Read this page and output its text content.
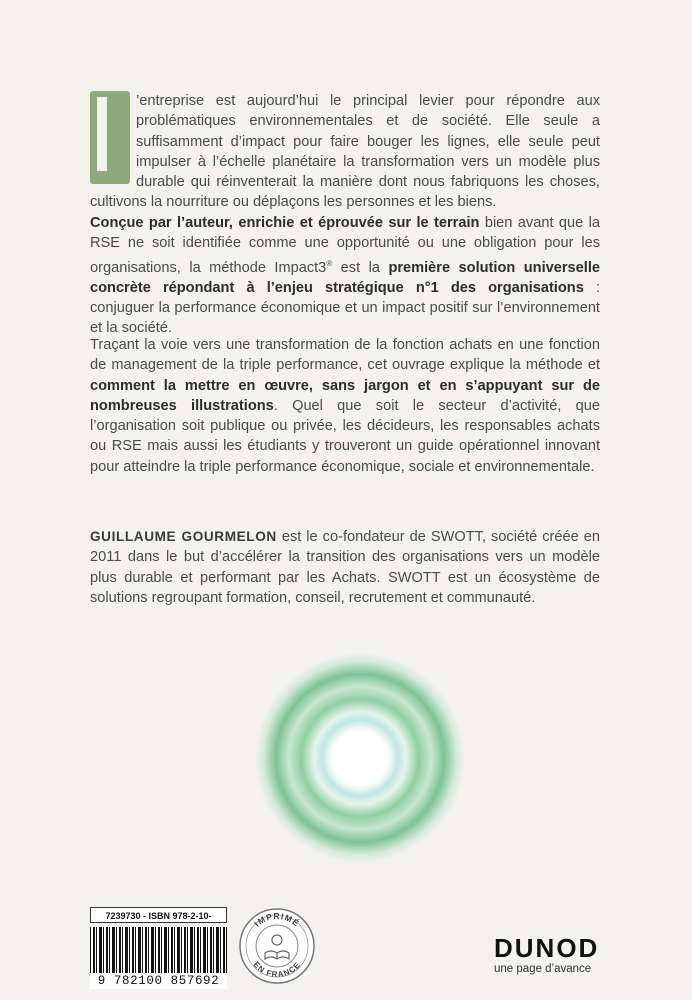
’entreprise est aujourd’hui le principal levier pour répondre aux problématiques environnementales et de société. Elle seule a suffisamment d’impact pour faire bouger les lignes, elle seule peut impulser à l’échelle planétaire la transformation vers un modèle plus durable qui réinventerait la manière dont nous fabriquons les choses, cultivons la nourriture ou déplaçons les personnes et les biens.

Conçue par l’auteur, enrichie et éprouvée sur le terrain bien avant que la RSE ne soit identifiée comme une opportunité ou une obligation pour les organisations, la méthode Impact3® est la première solution universelle concrète répondant à l’enjeu stratégique n°1 des organisations : conjuguer la performance économique et un impact positif sur l’environnement et la société.

Traçant la voie vers une transformation de la fonction achats en une fonction de management de la triple performance, cet ouvrage explique la méthode et comment la mettre en œuvre, sans jargon et en s’appuyant sur de nombreuses illustrations. Quel que soit le secteur d’activité, que l’organisation soit publique ou privée, les décideurs, les responsables achats ou RSE mais aussi les étudiants y trouveront un guide opérationnel innovant pour atteindre la triple performance économique, sociale et environnementale.

GUILLAUME GOURMELON est le co-fondateur de SWOTT, société créée en 2011 dans le but d’accélérer la transition des organisations vers un modèle plus durable et performant par les Achats. SWOTT est un écosystème de solutions regroupant formation, conseil, recrutement et communauté.

7239730 - ISBN 978-2-10-
9 782100 857692
IMPRIMÉ
EN FRANCE
DUNOD
une page d’avance
